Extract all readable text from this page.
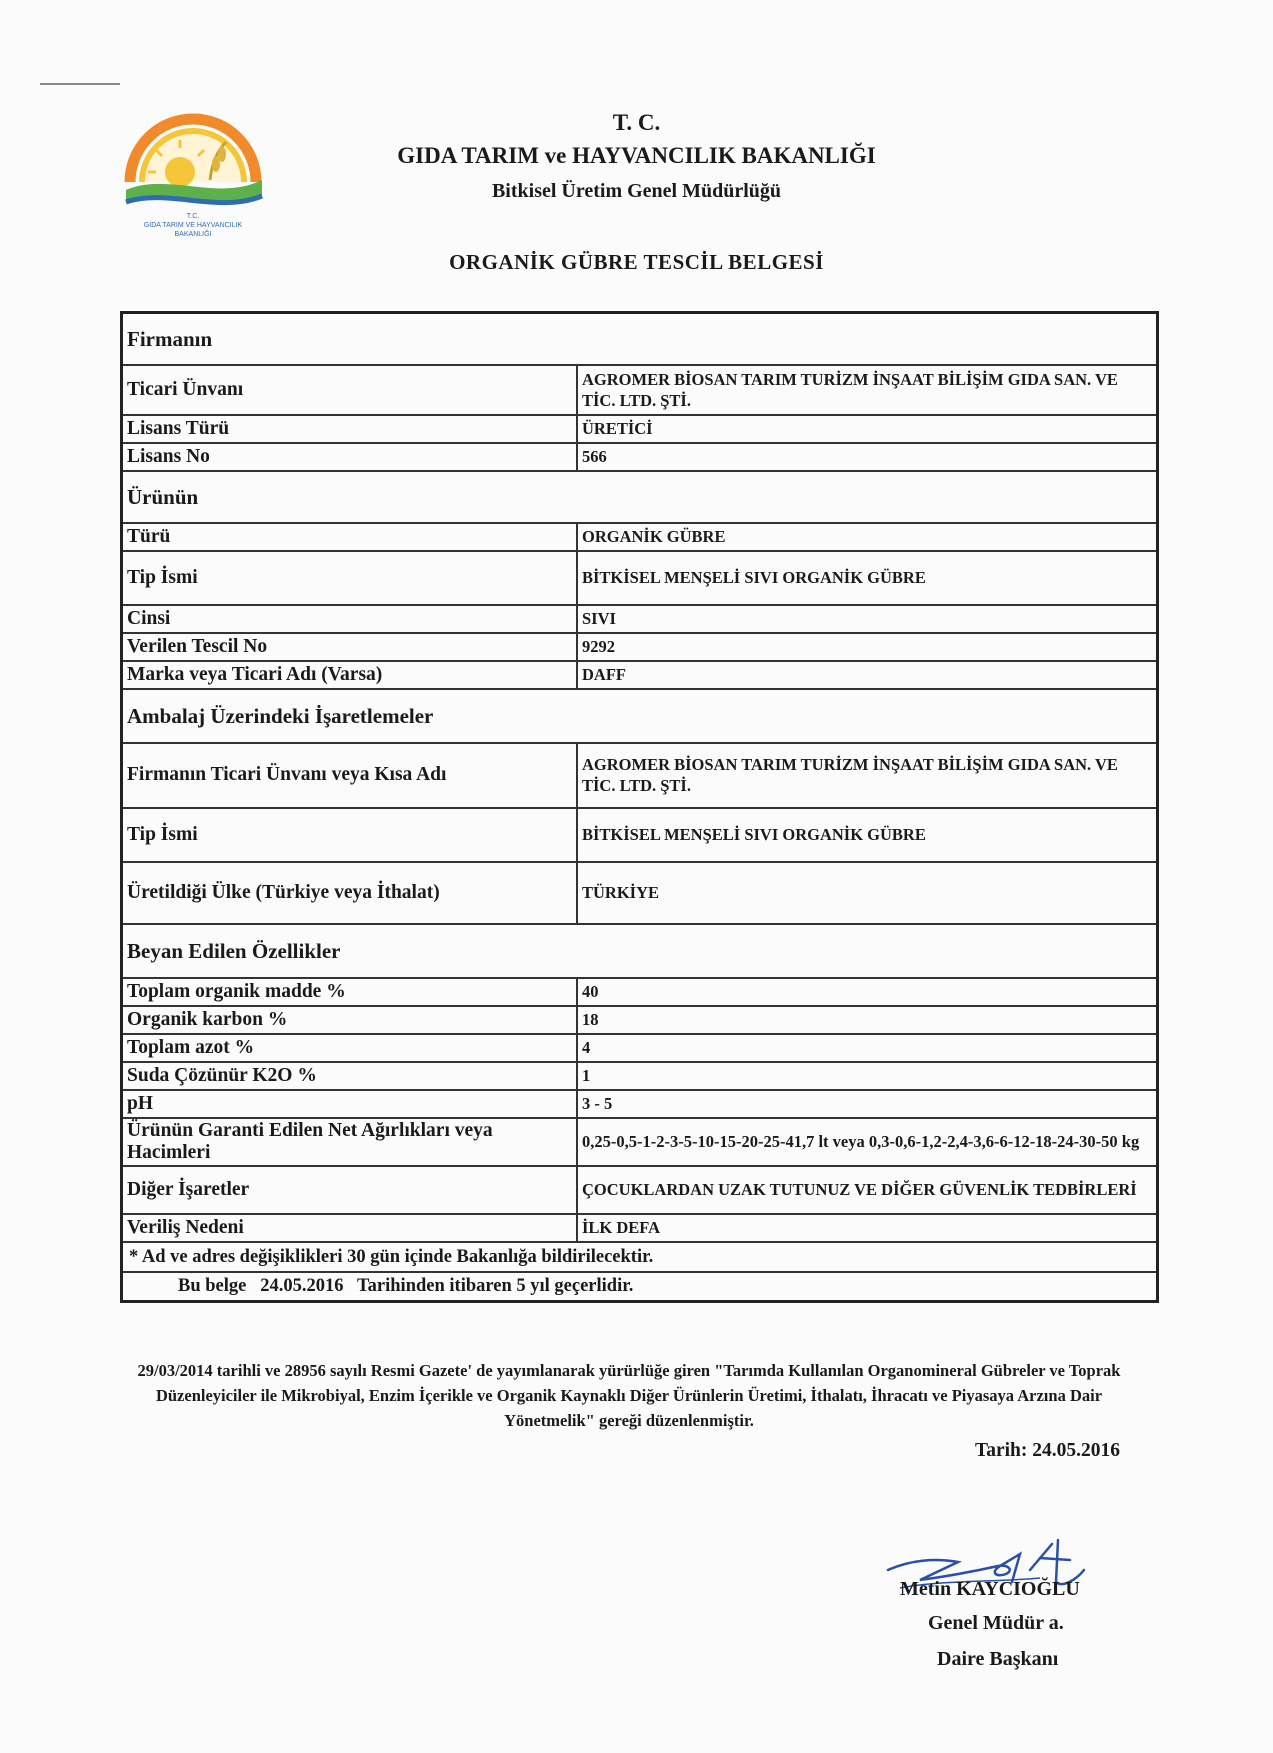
T.C.
GIDA TARIM VE HAYVANCILIK
BAKANLIĞI
T. C.
GIDA TARIM ve HAYVANCILIK BAKANLIĞI
Bitkisel Üretim Genel Müdürlüğü
ORGANİK GÜBRE TESCİL BELGESİ
Firmanın	
Ticari Ünvanı	AGROMER BİOSAN TARIM TURİZM İNŞAAT BİLİŞİM GIDA SAN. VE TİC. LTD. ŞTİ.
Lisans Türü	ÜRETİCİ
Lisans No	566
Ürünün	
Türü	ORGANİK GÜBRE
Tip İsmi	BİTKİSEL MENŞELİ SIVI ORGANİK GÜBRE
Cinsi	SIVI
Verilen Tescil No	9292
Marka veya Ticari Adı (Varsa)	DAFF
Ambalaj Üzerindeki İşaretlemeler	
Firmanın Ticari Ünvanı veya Kısa Adı	AGROMER BİOSAN TARIM TURİZM İNŞAAT BİLİŞİM GIDA SAN. VE TİC. LTD. ŞTİ.
Tip İsmi	BİTKİSEL MENŞELİ SIVI ORGANİK GÜBRE
Üretildiği Ülke (Türkiye veya İthalat)	TÜRKİYE
Beyan Edilen Özellikler	
Toplam organik madde %	40
Organik karbon %	18
Toplam azot %	4
Suda Çözünür K2O %	1
pH	3 - 5
Ürünün Garanti Edilen Net Ağırlıkları veya Hacimleri	0,25-0,5-1-2-3-5-10-15-20-25-41,7 lt veya 0,3-0,6-1,2-2,4-3,6-6-12-18-24-30-50 kg
Diğer İşaretler	ÇOCUKLARDAN UZAK TUTUNUZ VE DİĞER GÜVENLİK TEDBİRLERİ
Veriliş Nedeni	İLK DEFA
* Ad ve adres değişiklikleri 30 gün içinde Bakanlığa bildirilecektir.	
Bu belge   24.05.2016   Tarihinden itibaren 5 yıl geçerlidir.	
29/03/2014 tarihli ve 28956 sayılı Resmi Gazete' de yayımlanarak yürürlüğe giren "Tarımda Kullanılan Organomineral Gübreler ve Toprak Düzenleyiciler ile Mikrobiyal, Enzim İçerikle ve Organik Kaynaklı Diğer Ürünlerin Üretimi, İthalatı, İhracatı ve Piyasaya Arzına Dair Yönetmelik" gereği düzenlenmiştir.
Tarih: 24.05.2016
Metin KAYCIOĞLU
Genel Müdür a.
Daire Başkanı
